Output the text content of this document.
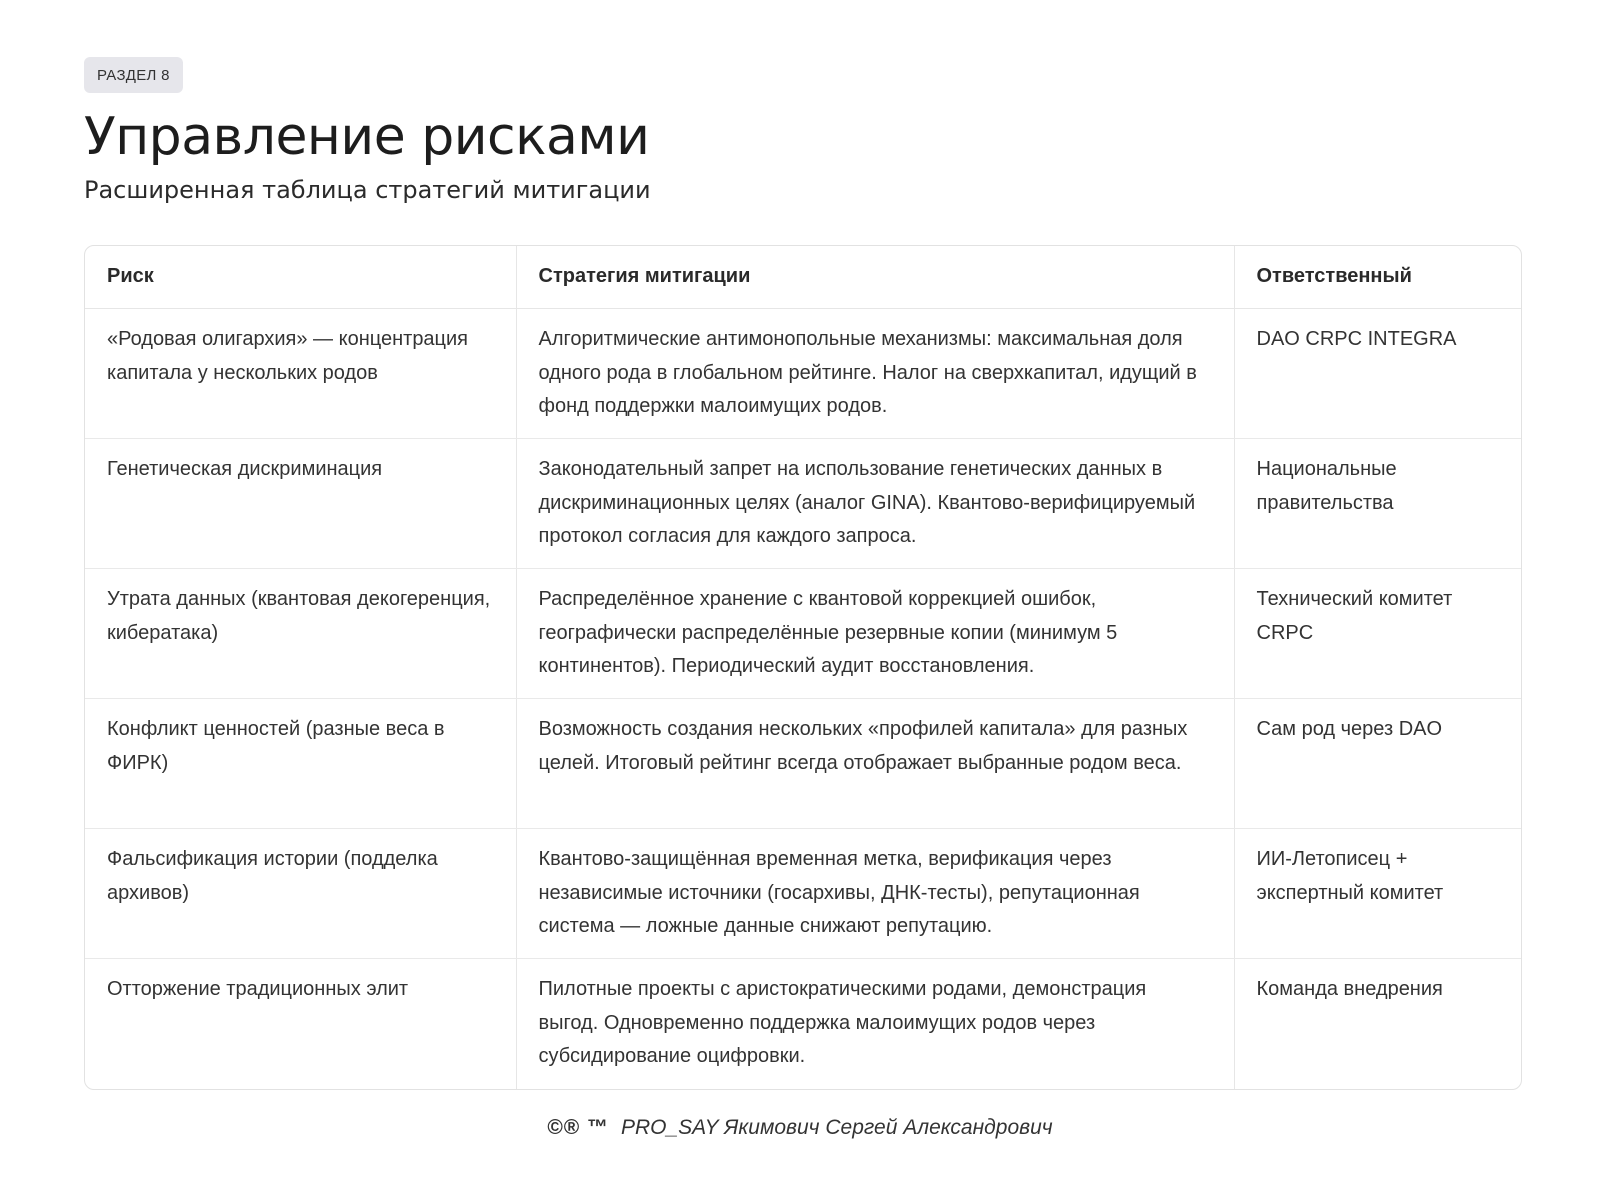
РАЗДЕЛ 8
Управление рисками
Расширенная таблица стратегий митигации
Риск	Стратегия митигации	Ответственный
«Родовая олигархия» — концентрация капитала у нескольких родов	Алгоритмические антимонопольные механизмы: максимальная доля одного рода в глобальном рейтинге. Налог на сверхкапитал, идущий в фонд поддержки малоимущих родов.	DAO CRPC INTEGRA
Генетическая дискриминация	Законодательный запрет на использование генетических данных в дискриминационных целях (аналог GINA). Квантово-верифицируемый протокол согласия для каждого запроса.	Национальные правительства
Утрата данных (квантовая декогеренция, кибератака)	Распределённое хранение с квантовой коррекцией ошибок, географически распределённые резервные копии (минимум 5 континентов). Периодический аудит восстановления.	Технический комитет CRPC
Конфликт ценностей (разные веса в ФИРК)	Возможность создания нескольких «профилей капитала» для разных целей. Итоговый рейтинг всегда отображает выбранные родом веса.	Сам род через DAO
Фальсификация истории (подделка архивов)	Квантово-защищённая временная метка, верификация через независимые источники (госархивы, ДНК-тесты), репутационная система — ложные данные снижают репутацию.	ИИ-Летописец + экспертный комитет
Отторжение традиционных элит	Пилотные проекты с аристократическими родами, демонстрация выгод. Одновременно поддержка малоимущих родов через субсидирование оцифровки.	Команда внедрения
©® ™ PRO_SAY Якимович Сергей Александрович
